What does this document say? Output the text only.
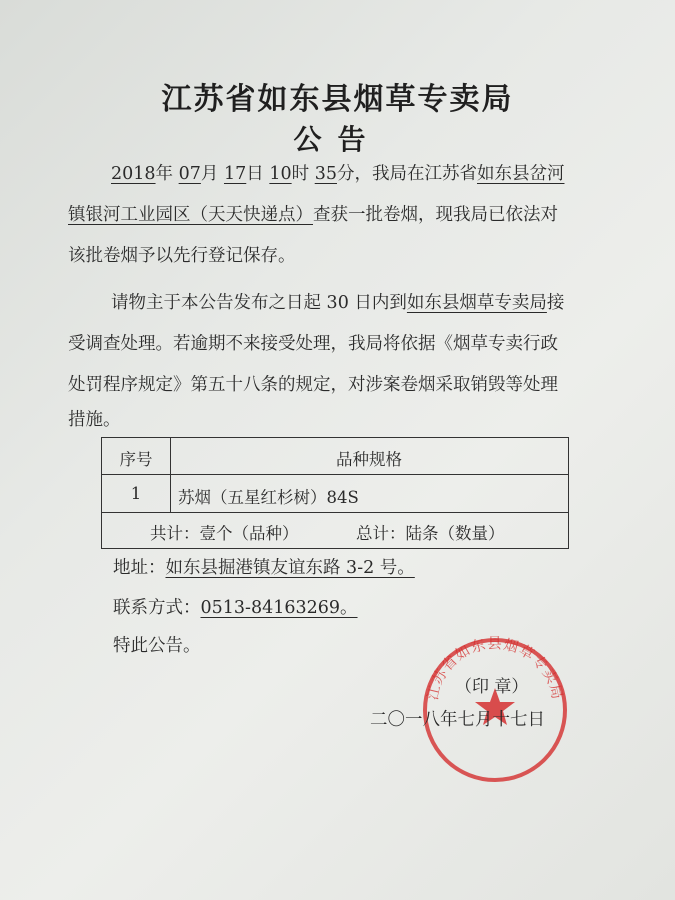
江苏省如东县烟草专卖局
公告
2018年 07月 17日 10时 35分，我局在江苏省如东县岔河
镇银河工业园区（天天快递点）查获一批卷烟，现我局已依法对
该批卷烟予以先行登记保存。
请物主于本公告发布之日起 30 日内到如东县烟草专卖局接
受调查处理。若逾期不来接受处理，我局将依据《烟草专卖行政
处罚程序规定》第五十八条的规定，对涉案卷烟采取销毁等处理
措施。
序号	品种规格
1	苏烟（五星红杉树）84S
共计：壹个（品种）	总计：陆条（数量）
地址：如东县掘港镇友谊东路 3-2 号。
联系方式：0513-84163269。
特此公告。
江苏省如东县烟草专卖局
（印 章）
二〇一八年七月十七日
